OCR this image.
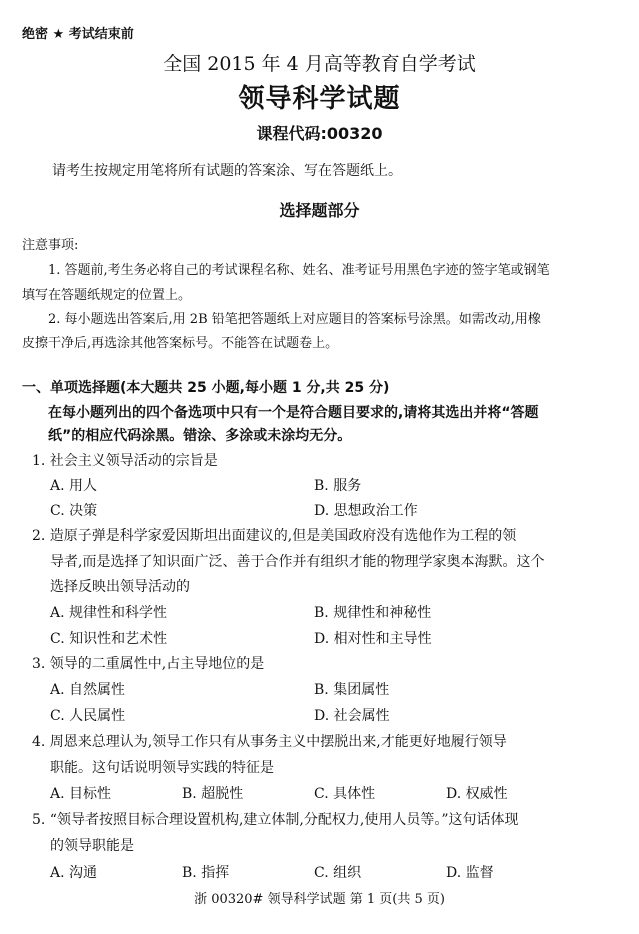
绝密 ★ 考试结束前
全国 2015 年 4 月高等教育自学考试
领导科学试题
课程代码:00320
请考生按规定用笔将所有试题的答案涂、写在答题纸上。
选择题部分
注意事项:
1. 答题前,考生务必将自己的考试课程名称、姓名、准考证号用黑色字迹的签字笔或钢笔
填写在答题纸规定的位置上。
2. 每小题选出答案后,用 2B 铅笔把答题纸上对应题目的答案标号涂黑。如需改动,用橡
皮擦干净后,再选涂其他答案标号。不能答在试题卷上。
一、单项选择题(本大题共 25 小题,每小题 1 分,共 25 分)
在每小题列出的四个备选项中只有一个是符合题目要求的,请将其选出并将“答题
纸”的相应代码涂黑。错涂、多涂或未涂均无分。
1. 社会主义领导活动的宗旨是
A. 用人	B. 服务
C. 决策	D. 思想政治工作
2. 造原子弹是科学家爱因斯坦出面建议的,但是美国政府没有选他作为工程的领
导者,而是选择了知识面广泛、善于合作并有组织才能的物理学家奥本海默。这个
选择反映出领导活动的
A. 规律性和科学性	B. 规律性和神秘性
C. 知识性和艺术性	D. 相对性和主导性
3. 领导的二重属性中,占主导地位的是
A. 自然属性	B. 集团属性
C. 人民属性	D. 社会属性
4. 周恩来总理认为,领导工作只有从事务主义中摆脱出来,才能更好地履行领导
职能。这句话说明领导实践的特征是
A. 目标性	B. 超脱性	C. 具体性	D. 权威性
5. “领导者按照目标合理设置机构,建立体制,分配权力,使用人员等。”这句话体现
的领导职能是
A. 沟通	B. 指挥	C. 组织	D. 监督
浙 00320# 领导科学试题 第 1 页(共 5 页)
